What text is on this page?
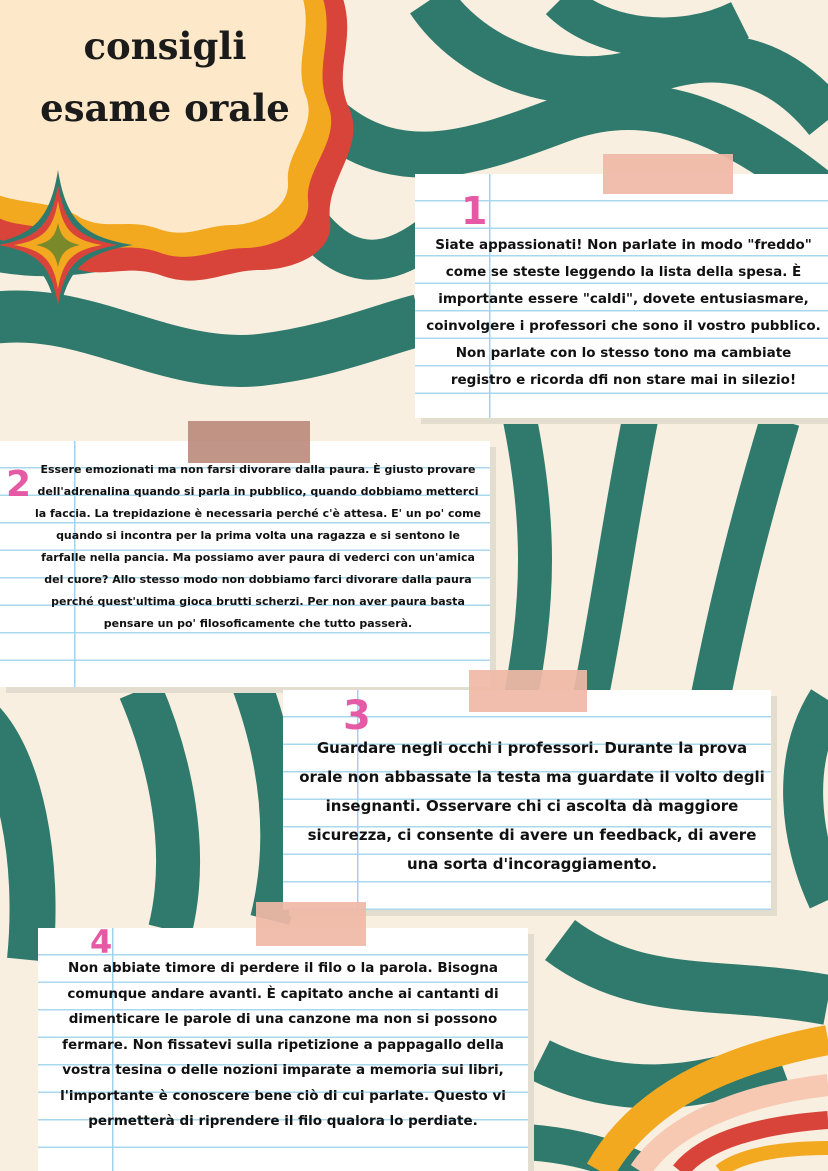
consigli
esame orale
1

Siate appassionati! Non parlate in modo "freddo" come se steste leggendo la lista della spesa. È importante essere "caldi", dovete entusiasmare, coinvolgere i professori che sono il vostro pubblico. Non parlate con lo stesso tono ma cambiate registro e ricorda dfi non stare mai in silezio!

2 Essere emozionati ma non farsi divorare dalla paura. È giusto provare dell'adrenalina quando si parla in pubblico, quando dobbiamo metterci la faccia. La trepidazione è necessaria perché c'è attesa. E' un po' come quando si incontra per la prima volta una ragazza e si sentono le farfalle nella pancia. Ma possiamo aver paura di vederci con un'amica del cuore? Allo stesso modo non dobbiamo farci divorare dalla paura perché quest'ultima gioca brutti scherzi. Per non aver paura basta pensare un po' filosoficamente che tutto passerà.

3

Guardare negli occhi i professori. Durante la prova orale non abbassate la testa ma guardate il volto degli insegnanti. Osservare chi ci ascolta dà maggiore sicurezza, ci consente di avere un feedback, di avere una sorta d'incoraggiamento.

4

Non abbiate timore di perdere il filo o la parola. Bisogna comunque andare avanti. È capitato anche ai cantanti di dimenticare le parole di una canzone ma non si possono fermare. Non fissatevi sulla ripetizione a pappagallo della vostra tesina o delle nozioni imparate a memoria sui libri, l'importante è conoscere bene ciò di cui parlate. Questo vi permetterà di riprendere il filo qualora lo perdiate.
